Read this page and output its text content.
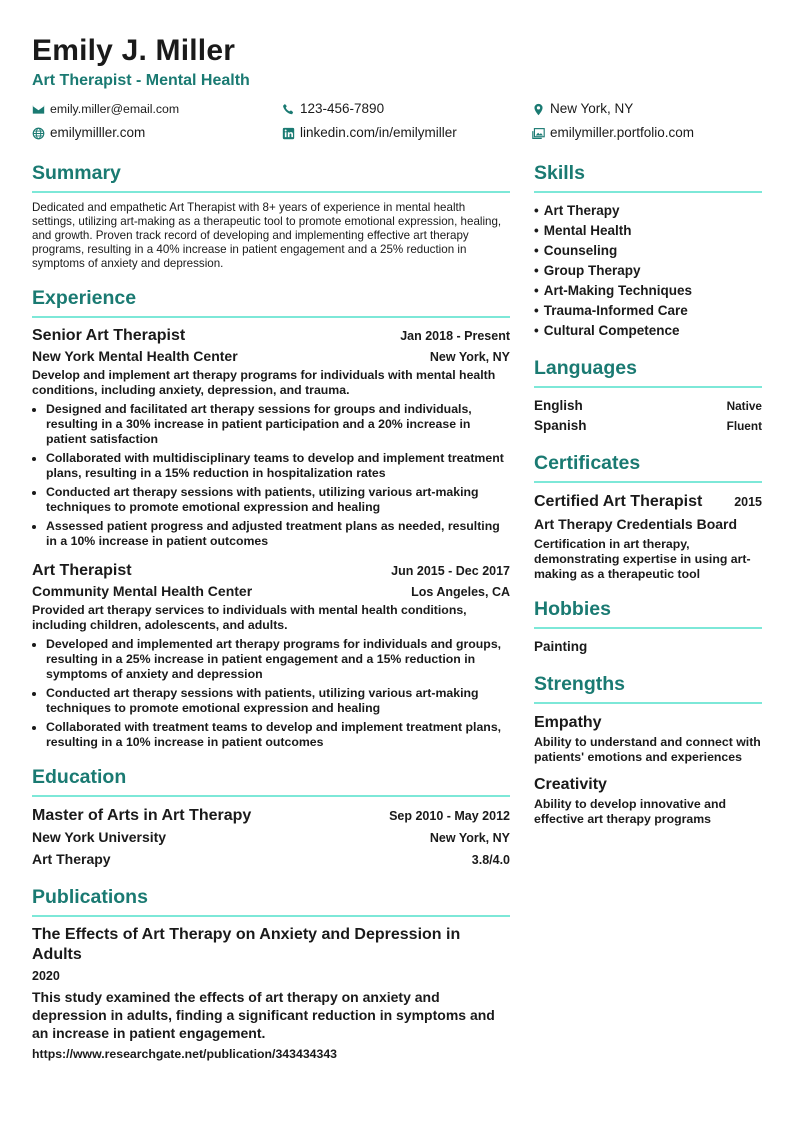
Emily J. Miller
Art Therapist - Mental Health
emily.miller@email.com	123-456-7890	New York, NY
emilymilller.com	linkedin.com/in/emilymiller	emilymiller.portfolio.com
Summary
Dedicated and empathetic Art Therapist with 8+ years of experience in mental health settings, utilizing art-making as a therapeutic tool to promote emotional expression, healing, and growth. Proven track record of developing and implementing effective art therapy programs, resulting in a 40% increase in patient engagement and a 25% reduction in symptoms of anxiety and depression.
Experience
Senior Art Therapist	Jan 2018 - Present
New York Mental Health Center	New York, NY
Develop and implement art therapy programs for individuals with mental health conditions, including anxiety, depression, and trauma.
• Designed and facilitated art therapy sessions for groups and individuals, resulting in a 30% increase in patient participation and a 20% increase in patient satisfaction
• Collaborated with multidisciplinary teams to develop and implement treatment plans, resulting in a 15% reduction in hospitalization rates
• Conducted art therapy sessions with patients, utilizing various art-making techniques to promote emotional expression and healing
• Assessed patient progress and adjusted treatment plans as needed, resulting in a 10% increase in patient outcomes
Art Therapist	Jun 2015 - Dec 2017
Community Mental Health Center	Los Angeles, CA
Provided art therapy services to individuals with mental health conditions, including children, adolescents, and adults.
• Developed and implemented art therapy programs for individuals and groups, resulting in a 25% increase in patient engagement and a 15% reduction in symptoms of anxiety and depression
• Conducted art therapy sessions with patients, utilizing various art-making techniques to promote emotional expression and healing
• Collaborated with treatment teams to develop and implement treatment plans, resulting in a 10% increase in patient outcomes
Education
Master of Arts in Art Therapy	Sep 2010 - May 2012
New York University	New York, NY
Art Therapy	3.8/4.0
Publications
The Effects of Art Therapy on Anxiety and Depression in Adults
2020
This study examined the effects of art therapy on anxiety and depression in adults, finding a significant reduction in symptoms and an increase in patient engagement.
https://www.researchgate.net/publication/343434343
Skills
• Art Therapy
• Mental Health
• Counseling
• Group Therapy
• Art-Making Techniques
• Trauma-Informed Care
• Cultural Competence
Languages
English	Native
Spanish	Fluent
Certificates
Certified Art Therapist	2015
Art Therapy Credentials Board
Certification in art therapy, demonstrating expertise in using art-making as a therapeutic tool
Hobbies
Painting
Strengths
Empathy
Ability to understand and connect with patients' emotions and experiences
Creativity
Ability to develop innovative and effective art therapy programs
